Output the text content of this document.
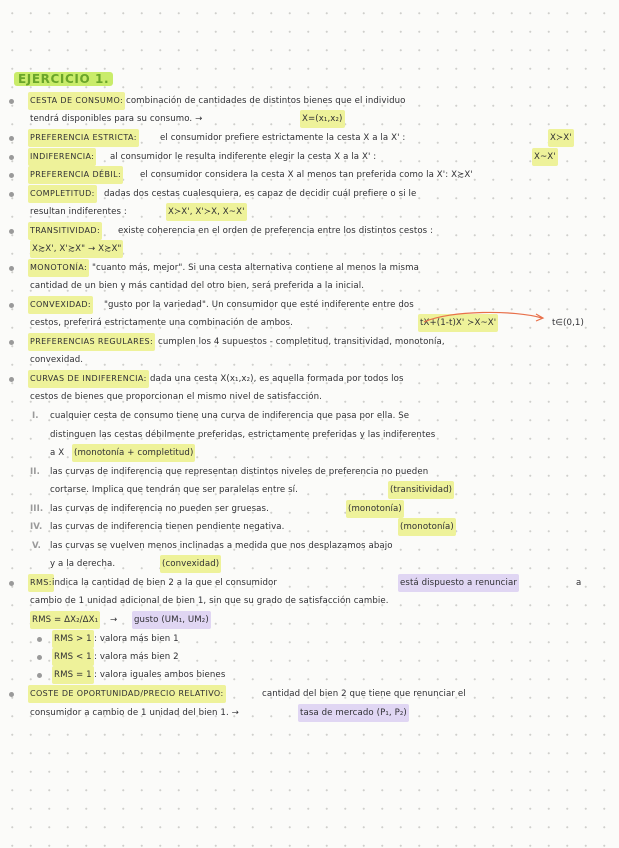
EJERCICIO 1.
CESTA DE CONSUMO: combinación de cantidades de distintos bienes que el individuo
tendrá disponibles para su consumo. →	X=(x₁,x₂)
PREFERENCIA ESTRICTA:	el consumidor prefiere estrictamente la cesta X a la X' :	X≻X'
INDIFERENCIA: al consumidor le resulta indiferente elegir la cesta X a la X' :	X~X'
PREFERENCIA DÉBIL: el consumidor considera la cesta X al menos tan preferida como la X': X≿X'
COMPLETITUD: dadas dos cestas cualesquiera, es capaz de decidir cuál prefiere o si le
resultan indiferentes :	X≻X', X'≻X, X~X'
TRANSITIVIDAD: existe coherencia en el orden de preferencia entre los distintos cestos :
X≿X', X'≿X" → X≿X"
MONOTONÍA: "cuanto más, mejor". Si una cesta alternativa contiene al menos la misma
cantidad de un bien y más cantidad del otro bien, será preferida a la inicial.
CONVEXIDAD: "gusto por la variedad". Un consumidor que esté indiferente entre dos
cestos, preferirá estrictamente una combinación de ambos.	tX+(1-t)X' ≻X~X'	t∈(0,1)
PREFERENCIAS REGULARES: cumplen los 4 supuestos - completitud, transitividad, monotonía,
convexidad.
CURVAS DE INDIFERENCIA: dada una cesta X(x₁,x₂), es aquella formada por todos los
cestos de bienes que proporcionan el mismo nivel de satisfacción.
I. cualquier cesta de consumo tiene una curva de indiferencia que pasa por ella. Se
distinguen las cestas débilmente preferidas, estrictamente preferidas y las indiferentes
a X (monotonía + completitud)
II. las curvas de indiferencia que representan distintos niveles de preferencia no pueden
cortarse. Implica que tendrán que ser paralelas entre sí.	(transitividad)
III. las curvas de indiferencia no pueden ser gruesas.	(monotonía)
IV. las curvas de indiferencia tienen pendiente negativa.	(monotonía)
V. las curvas se vuelven menos inclinadas a medida que nos desplazamos abajo
y a la derecha.	(convexidad)
RMS: indica la cantidad de bien 2 a la que el consumidor	está dispuesto a renunciar	a
cambio de 1 unidad adicional de bien 1, sin que su grado de satisfacción cambie.
RMS = ΔX₂/ΔX₁ → gusto (UM₁, UM₂)
RMS > 1 : valora más bien 1
RMS < 1 : valora más bien 2
RMS = 1 : valora iguales ambos bienes
COSTE DE OPORTUNIDAD/PRECIO RELATIVO:	cantidad del bien 2 que tiene que renunciar el
consumidor a cambio de 1 unidad del bien 1. →	tasa de mercado (P₁, P₂)
